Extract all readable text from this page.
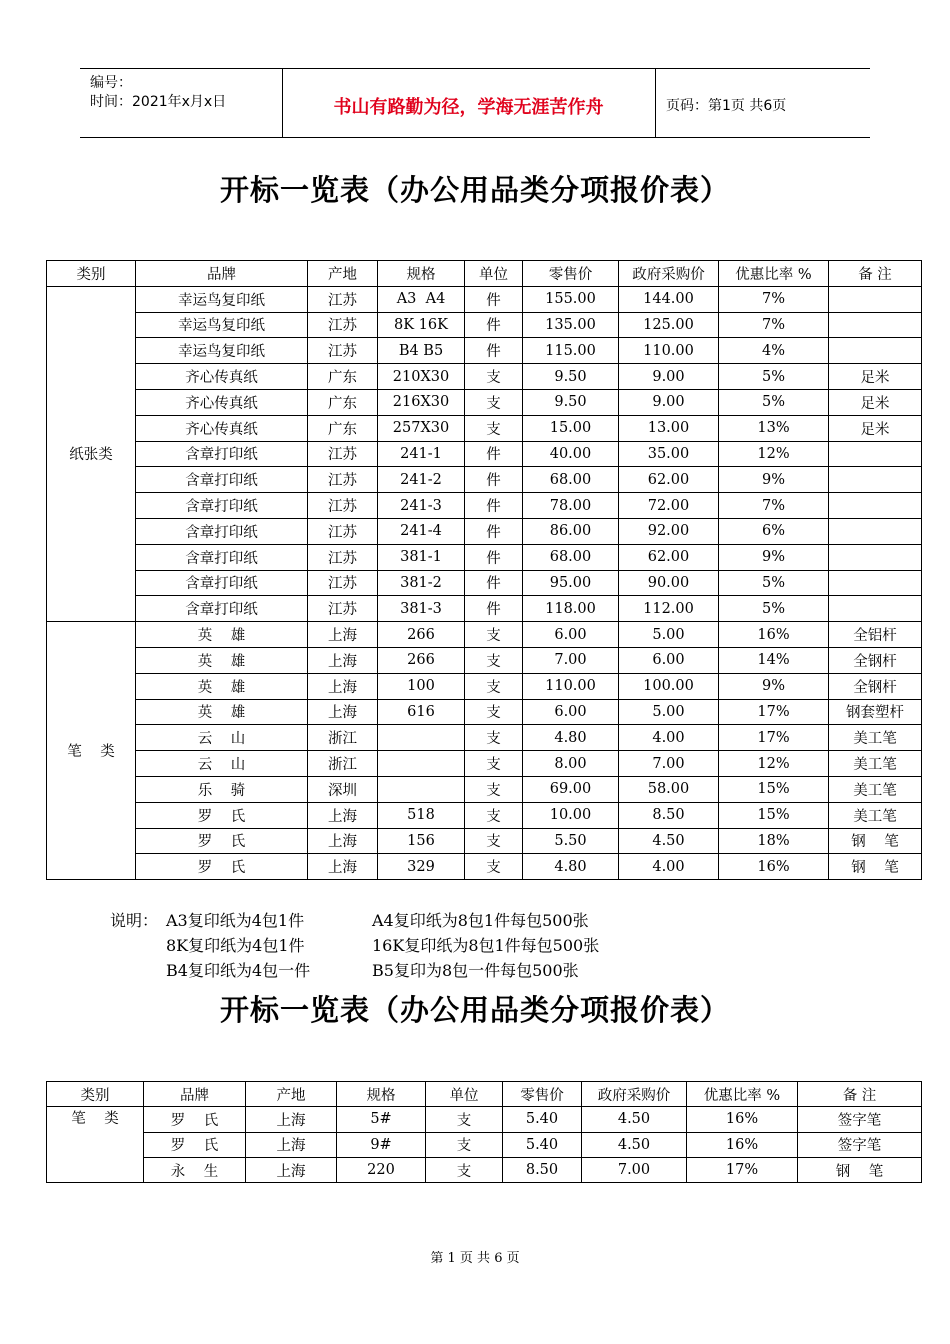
编号：
时间：2021年x月x日	书山有路勤为径，学海无涯苦作舟	页码：第1页 共6页
开标一览表（办公用品类分项报价表）
类别	品牌	产地	规格	单位	零售价	政府采购价	优惠比率 %	备 注
纸张类	幸运鸟复印纸	江苏	A3  A4	件	155.00	144.00	7%	
	幸运鸟复印纸	江苏	8K 16K	件	135.00	125.00	7%	
	幸运鸟复印纸	江苏	B4 B5	件	115.00	110.00	4%	
	齐心传真纸	广东	210X30	支	9.50	9.00	5%	足米
	齐心传真纸	广东	216X30	支	9.50	9.00	5%	足米
	齐心传真纸	广东	257X30	支	15.00	13.00	13%	足米
	含章打印纸	江苏	241-1	件	40.00	35.00	12%	
	含章打印纸	江苏	241-2	件	68.00	62.00	9%	
	含章打印纸	江苏	241-3	件	78.00	72.00	7%	
	含章打印纸	江苏	241-4	件	86.00	92.00	6%	
	含章打印纸	江苏	381-1	件	68.00	62.00	9%	
	含章打印纸	江苏	381-2	件	95.00	90.00	5%	
	含章打印纸	江苏	381-3	件	118.00	112.00	5%	
笔    类	英    雄	上海	266	支	6.00	5.00	16%	全铝杆
	英    雄	上海	266	支	7.00	6.00	14%	全钢杆
	英    雄	上海	100	支	110.00	100.00	9%	全钢杆
	英    雄	上海	616	支	6.00	5.00	17%	钢套塑杆
	云    山	浙江		支	4.80	4.00	17%	美工笔
	云    山	浙江		支	8.00	7.00	12%	美工笔
	乐    骑	深圳		支	69.00	58.00	15%	美工笔
	罗    氏	上海	518	支	10.00	8.50	15%	美工笔
	罗    氏	上海	156	支	5.50	4.50	18%	钢    笔
	罗    氏	上海	329	支	4.80	4.00	16%	钢    笔
说明： A3复印纸为4包1件	A4复印纸为8包1件每包500张
8K复印纸为4包1件	16K复印纸为8包1件每包500张
B4复印纸为4包一件	B5复印为8包一件每包500张
开标一览表（办公用品类分项报价表）
类别	品牌	产地	规格	单位	零售价	政府采购价	优惠比率 %	备 注
笔    类	罗    氏	上海	5#	支	5.40	4.50	16%	签字笔
	罗    氏	上海	9#	支	5.40	4.50	16%	签字笔
	永    生	上海	220	支	8.50	7.00	17%	钢    笔
第 1 页 共 6 页
